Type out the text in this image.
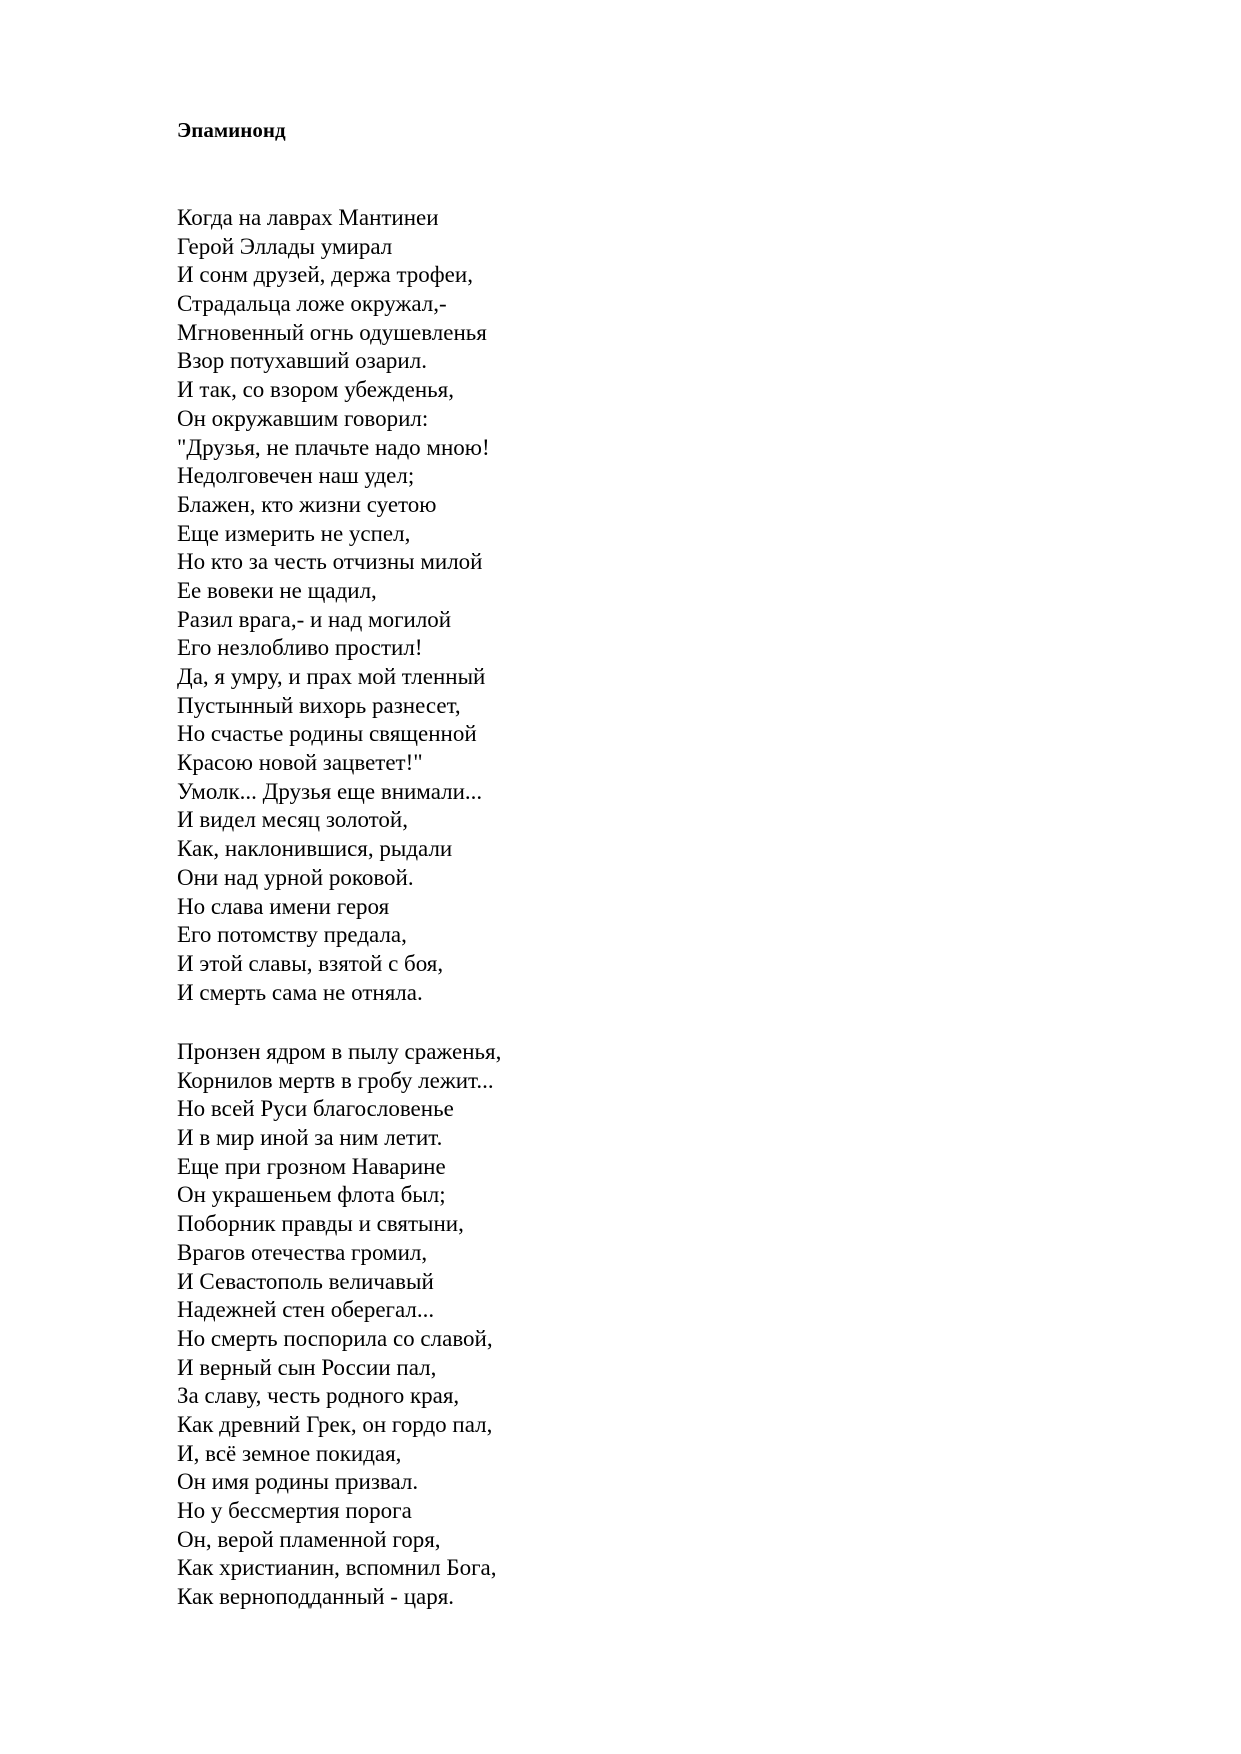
Эпаминонд
Когда на лаврах Мантинеи
Герой Эллады умирал
И сонм друзей, держа трофеи,
Страдальца ложе окружал,-
Мгновенный огнь одушевленья
Взор потухавший озарил.
И так, со взором убежденья,
Он окружавшим говорил:
"Друзья, не плачьте надо мною!
Недолговечен наш удел;
Блажен, кто жизни суетою
Еще измерить не успел,
Но кто за честь отчизны милой
Ее вовеки не щадил,
Разил врага,- и над могилой
Его незлобливо простил!
Да, я умру, и прах мой тленный
Пустынный вихорь разнесет,
Но счастье родины священной
Красою новой зацветет!"
Умолк... Друзья еще внимали...
И видел месяц золотой,
Как, наклонившися, рыдали
Они над урной роковой.
Но слава имени героя
Его потомству предала,
И этой славы, взятой с боя,
И смерть сама не отняла.
Пронзен ядром в пылу сраженья,
Корнилов мертв в гробу лежит...
Но всей Руси благословенье
И в мир иной за ним летит.
Еще при грозном Наварине
Он украшеньем флота был;
Поборник правды и святыни,
Врагов отечества громил,
И Севастополь величавый
Надежней стен оберегал...
Но смерть поспорила со славой,
И верный сын России пал,
За славу, честь родного края,
Как древний Грек, он гордо пал,
И, всё земное покидая,
Он имя родины призвал.
Но у бессмертия порога
Он, верой пламенной горя,
Как христианин, вспомнил Бога,
Как верноподданный - царя.
